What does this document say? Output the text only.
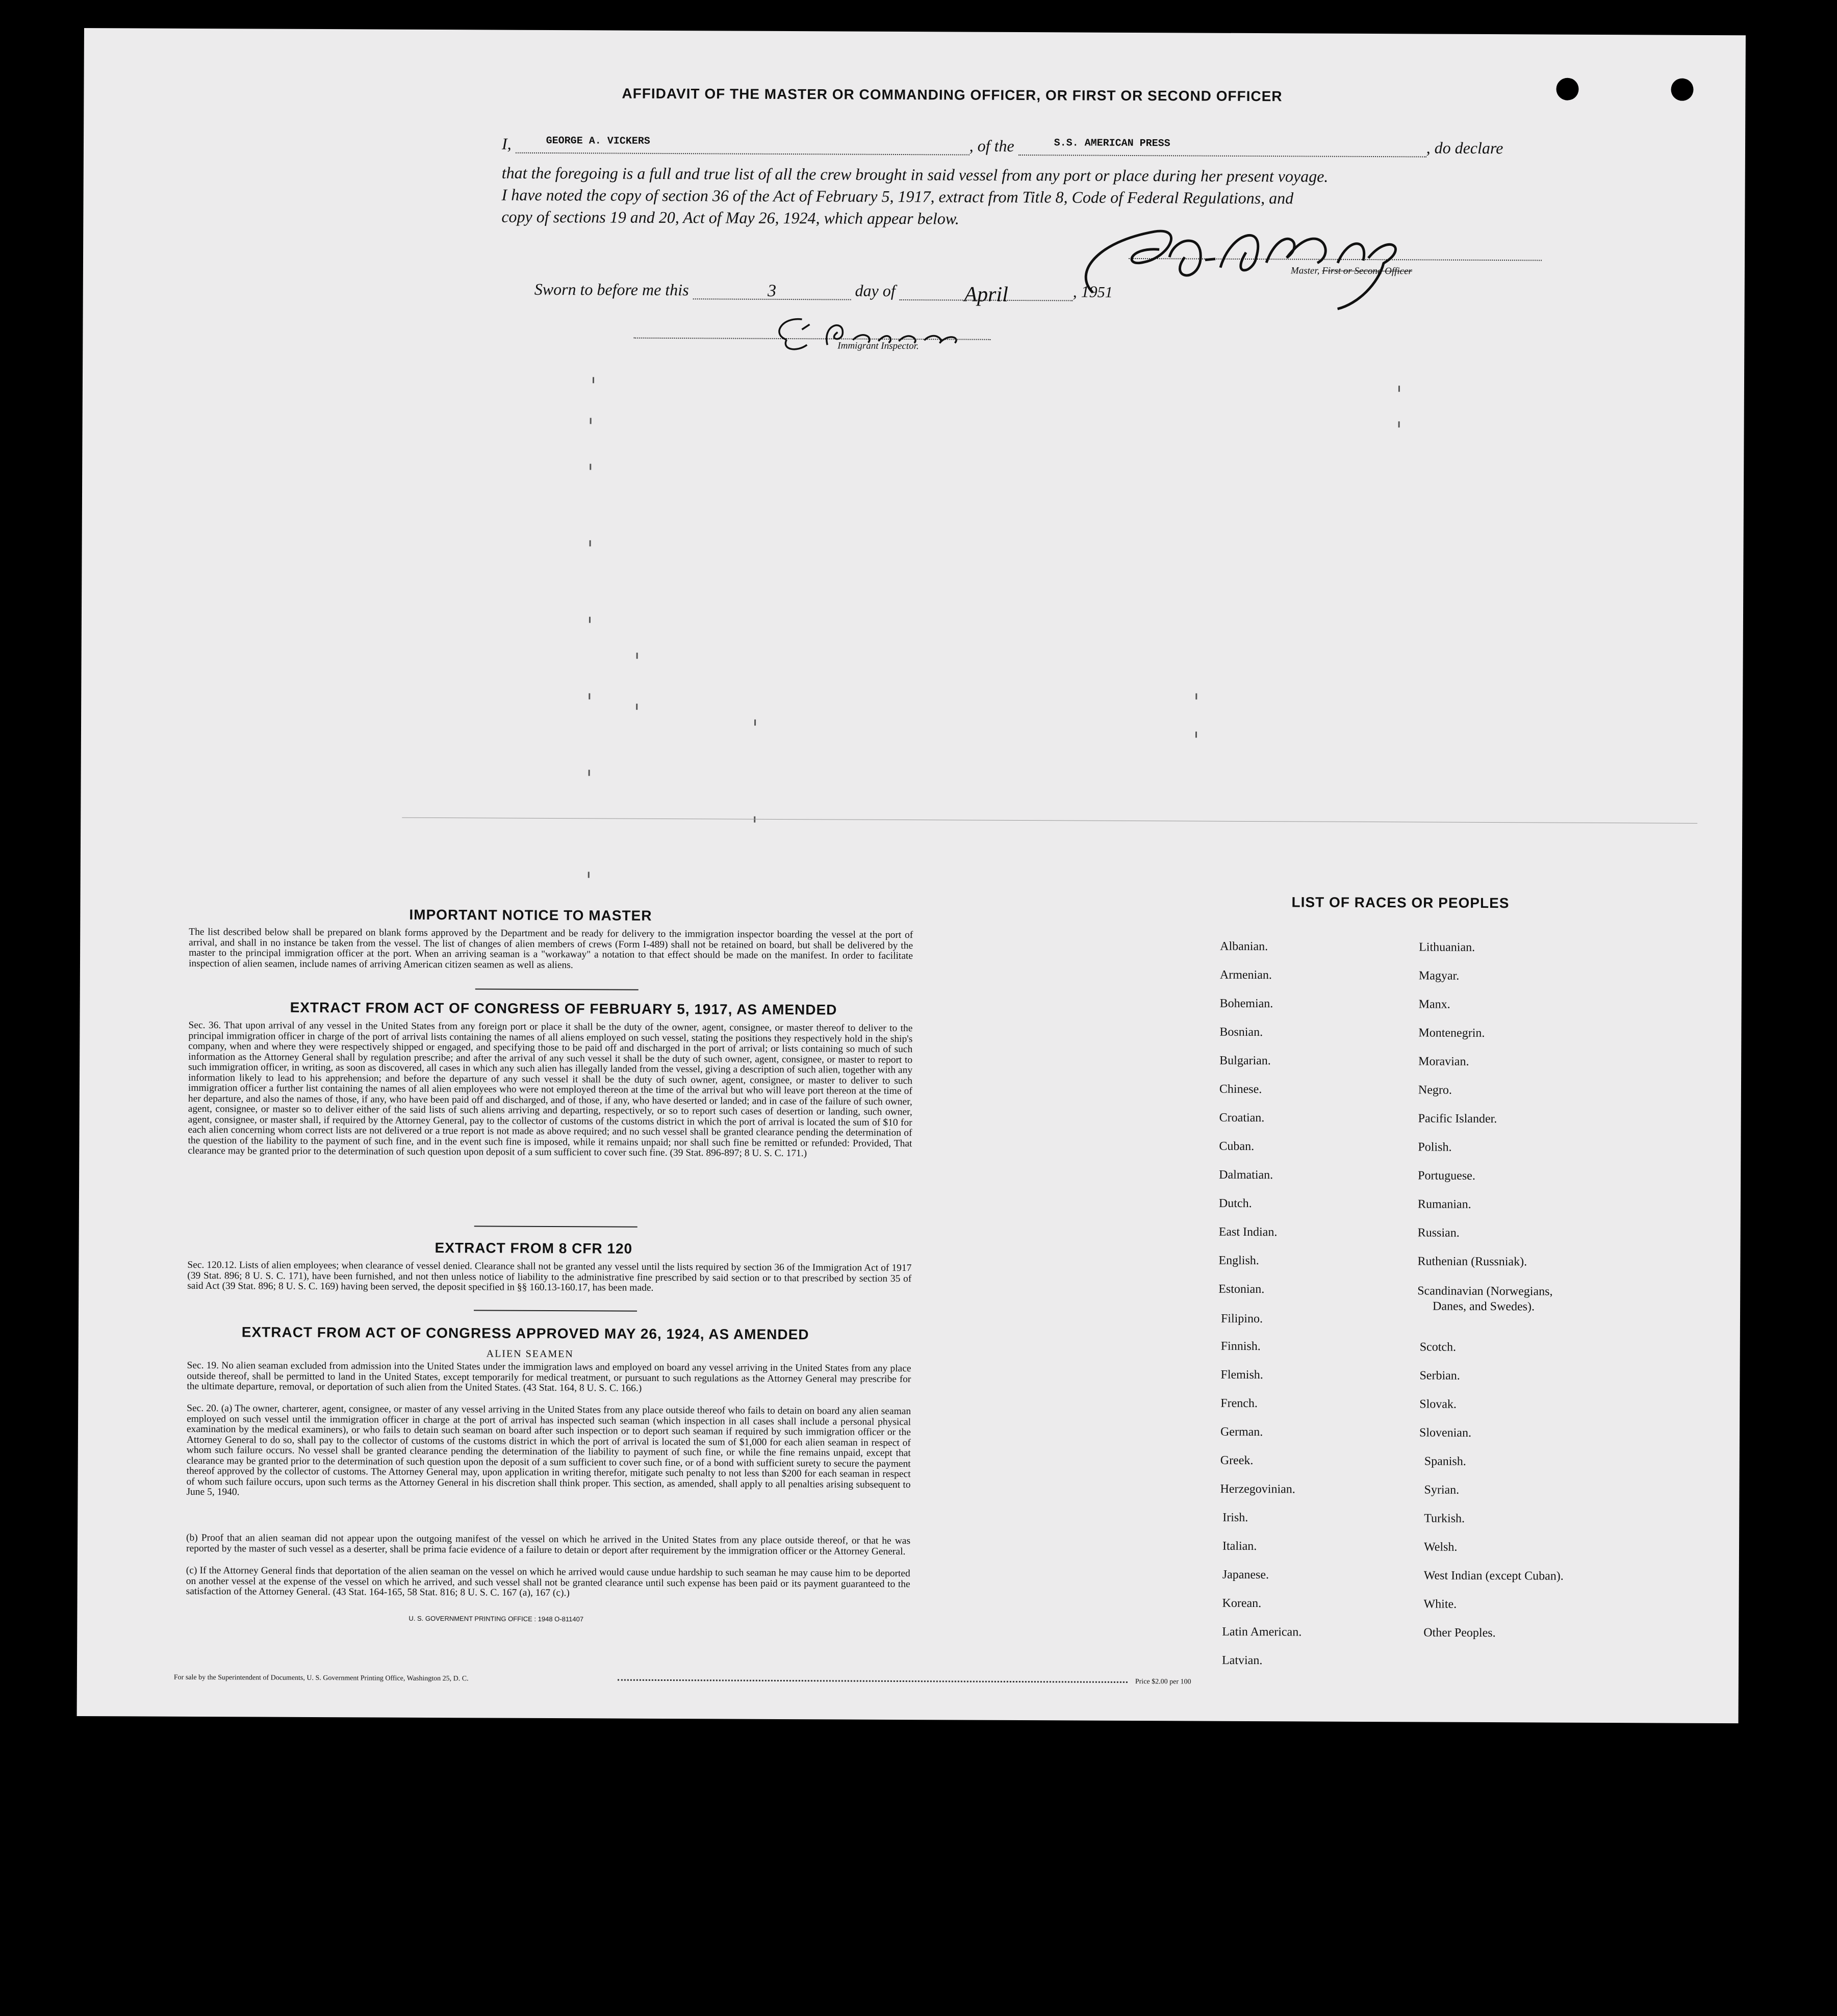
AFFIDAVIT OF THE MASTER OR COMMANDING OFFICER, OR FIRST OR SECOND OFFICER
I,	GEORGE A. VICKERS	, of the	S.S. AMERICAN PRESS	, do declare
that the foregoing is a full and true list of all the crew brought in said vessel from any port or place during her present voyage.
I have noted the copy of section 36 of the Act of February 5, 1917, extract from Title 8, Code of Federal Regulations, and
copy of sections 19 and 20, Act of May 26, 1924, which appear below.
Master, First or Second Officer
Sworn to before me this	3	day of	April	, 1951
Immigrant Inspector.
IMPORTANT NOTICE TO MASTER
The list described below shall be prepared on blank forms approved by the Department and be ready for delivery to the immigration inspector boarding the vessel at the port of arrival, and shall in no instance be taken from the vessel. The list of changes of alien members of crews (Form I-489) shall not be retained on board, but shall be delivered by the master to the principal immigration officer at the port. When an arriving seaman is a "workaway" a notation to that effect should be made on the manifest. In order to facilitate inspection of alien seamen, include names of arriving American citizen seamen as well as aliens.
EXTRACT FROM ACT OF CONGRESS OF FEBRUARY 5, 1917, AS AMENDED
Sec. 36. That upon arrival of any vessel in the United States from any foreign port or place it shall be the duty of the owner, agent, consignee, or master thereof to deliver to the principal immigration officer in charge of the port of arrival lists containing the names of all aliens employed on such vessel, stating the positions they respectively hold in the ship's company, when and where they were respectively shipped or engaged, and specifying those to be paid off and discharged in the port of arrival; or lists containing so much of such information as the Attorney General shall by regulation prescribe; and after the arrival of any such vessel it shall be the duty of such owner, agent, consignee, or master to report to such immigration officer, in writing, as soon as discovered, all cases in which any such alien has illegally landed from the vessel, giving a description of such alien, together with any information likely to lead to his apprehension; and before the departure of any such vessel it shall be the duty of such owner, agent, consignee, or master to deliver to such immigration officer a further list containing the names of all alien employees who were not employed thereon at the time of the arrival but who will leave port thereon at the time of her departure, and also the names of those, if any, who have been paid off and discharged, and of those, if any, who have deserted or landed; and in case of the failure of such owner, agent, consignee, or master so to deliver either of the said lists of such aliens arriving and departing, respectively, or so to report such cases of desertion or landing, such owner, agent, consignee, or master shall, if required by the Attorney General, pay to the collector of customs of the customs district in which the port of arrival is located the sum of $10 for each alien concerning whom correct lists are not delivered or a true report is not made as above required; and no such vessel shall be granted clearance pending the determination of the question of the liability to the payment of such fine, and in the event such fine is imposed, while it remains unpaid; nor shall such fine be remitted or refunded: Provided, That clearance may be granted prior to the determination of such question upon deposit of a sum sufficient to cover such fine. (39 Stat. 896-897; 8 U. S. C. 171.)
EXTRACT FROM 8 CFR 120
Sec. 120.12. Lists of alien employees; when clearance of vessel denied. Clearance shall not be granted any vessel until the lists required by section 36 of the Immigration Act of 1917 (39 Stat. 896; 8 U. S. C. 171), have been furnished, and not then unless notice of liability to the administrative fine prescribed by said section or to that prescribed by section 35 of said Act (39 Stat. 896; 8 U. S. C. 169) having been served, the deposit specified in §§ 160.13-160.17, has been made.
EXTRACT FROM ACT OF CONGRESS APPROVED MAY 26, 1924, AS AMENDED
ALIEN SEAMEN
Sec. 19. No alien seaman excluded from admission into the United States under the immigration laws and employed on board any vessel arriving in the United States from any place outside thereof, shall be permitted to land in the United States, except temporarily for medical treatment, or pursuant to such regulations as the Attorney General may prescribe for the ultimate departure, removal, or deportation of such alien from the United States. (43 Stat. 164, 8 U. S. C. 166.)
Sec. 20. (a) The owner, charterer, agent, consignee, or master of any vessel arriving in the United States from any place outside thereof who fails to detain on board any alien seaman employed on such vessel until the immigration officer in charge at the port of arrival has inspected such seaman (which inspection in all cases shall include a personal physical examination by the medical examiners), or who fails to detain such seaman on board after such inspection or to deport such seaman if required by such immigration officer or the Attorney General to do so, shall pay to the collector of customs of the customs district in which the port of arrival is located the sum of $1,000 for each alien seaman in respect of whom such failure occurs. No vessel shall be granted clearance pending the determination of the liability to payment of such fine, or while the fine remains unpaid, except that clearance may be granted prior to the determination of such question upon the deposit of a sum sufficient to cover such fine, or of a bond with sufficient surety to secure the payment thereof approved by the collector of customs. The Attorney General may, upon application in writing therefor, mitigate such penalty to not less than $200 for each seaman in respect of whom such failure occurs, upon such terms as the Attorney General in his discretion shall think proper. This section, as amended, shall apply to all penalties arising subsequent to June 5, 1940.
(b) Proof that an alien seaman did not appear upon the outgoing manifest of the vessel on which he arrived in the United States from any place outside thereof, or that he was reported by the master of such vessel as a deserter, shall be prima facie evidence of a failure to detain or deport after requirement by the immigration officer or the Attorney General.
(c) If the Attorney General finds that deportation of the alien seaman on the vessel on which he arrived would cause undue hardship to such seaman he may cause him to be deported on another vessel at the expense of the vessel on which he arrived, and such vessel shall not be granted clearance until such expense has been paid or its payment guaranteed to the satisfaction of the Attorney General. (43 Stat. 164-165, 58 Stat. 816; 8 U. S. C. 167 (a), 167 (c).)
U. S. GOVERNMENT PRINTING OFFICE : 1948 O-811407
For sale by the Superintendent of Documents, U. S. Government Printing Office, Washington 25, D. C.	Price $2.00 per 100
LIST OF RACES OR PEOPLES
Albanian.
Armenian.
Bohemian.
Bosnian.
Bulgarian.
Chinese.
Croatian.
Cuban.
Dalmatian.
Dutch.
East Indian.
English.
Estonian.
Filipino.
Finnish.
Flemish.
French.
German.
Greek.
Herzegovinian.
Irish.
Italian.
Japanese.
Korean.
Latin American.
Latvian.
Lithuanian.
Magyar.
Manx.
Montenegrin.
Moravian.
Negro.
Pacific Islander.
Polish.
Portuguese.
Rumanian.
Russian.
Ruthenian (Russniak).
Scandinavian (Norwegians,
Danes, and Swedes).
Scotch.
Serbian.
Slovak.
Slovenian.
Spanish.
Syrian.
Turkish.
Welsh.
West Indian (except Cuban).
White.
Other Peoples.
